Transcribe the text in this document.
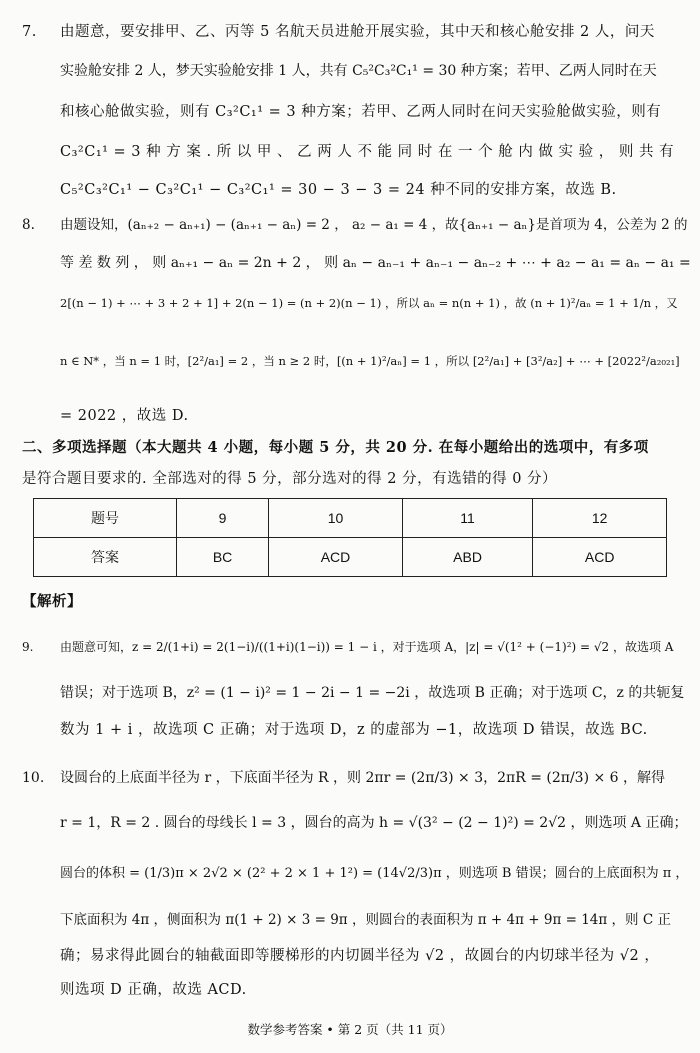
7. 由题意，要安排甲、乙、丙等 5 名航天员进舱开展实验，其中天和核心舱安排 2 人，问天
实验舱安排 2 人，梦天实验舱安排 1 人，共有 C₅²C₃²C₁¹ = 30 种方案；若甲、乙两人同时在天
和核心舱做实验，则有 C₃²C₁¹ = 3 种方案；若甲、乙两人同时在问天实验舱做实验，则有
C₃²C₁¹ = 3 种 方 案 . 所 以 甲 、 乙 两 人 不 能 同 时 在 一 个 舱 内 做 实 验 ， 则 共 有
C₅²C₃²C₁¹ − C₃²C₁¹ − C₃²C₁¹ = 30 − 3 − 3 = 24 种不同的安排方案，故选 B.
8. 由题设知，(aₙ₊₂ − aₙ₊₁) − (aₙ₊₁ − aₙ) = 2 ， a₂ − a₁ = 4 ，故{aₙ₊₁ − aₙ}是首项为 4，公差为 2 的
等 差 数 列 ， 则 aₙ₊₁ − aₙ = 2n + 2 ， 则 aₙ − aₙ₋₁ + aₙ₋₁ − aₙ₋₂ + ⋯ + a₂ − a₁ = aₙ − a₁ =
2[(n − 1) + ⋯ + 3 + 2 + 1] + 2(n − 1) = (n + 2)(n − 1) ，所以 aₙ = n(n + 1) ，故 (n + 1)²/aₙ = 1 + 1/n ，又
n ∈ N* ，当 n = 1 时，[2²/a₁] = 2 ，当 n ≥ 2 时，[(n + 1)²/aₙ] = 1 ，所以 [2²/a₁] + [3²/a₂] + ⋯ + [2022²/a₂₀₂₁]
= 2022 ，故选 D.
二、多项选择题（本大题共 4 小题，每小题 5 分，共 20 分. 在每小题给出的选项中，有多项
是符合题目要求的. 全部选对的得 5 分，部分选对的得 2 分，有选错的得 0 分）
题号	9	10	11	12
答案	BC	ACD	ABD	ACD
【解析】
9. 由题意可知，z = 2/(1+i) = 2(1−i)/((1+i)(1−i)) = 1 − i ，对于选项 A，|z| = √(1² + (−1)²) = √2 ，故选项 A
错误；对于选项 B，z² = (1 − i)² = 1 − 2i − 1 = −2i ，故选项 B 正确；对于选项 C，z 的共轭复
数为 1 + i ，故选项 C 正确；对于选项 D，z 的虚部为 −1，故选项 D 错误，故选 BC.
10. 设圆台的上底面半径为 r ，下底面半径为 R ，则 2πr = (2π/3) × 3，2πR = (2π/3) × 6 ，解得
r = 1，R = 2 . 圆台的母线长 l = 3 ，圆台的高为 h = √(3² − (2 − 1)²) = 2√2 ，则选项 A 正确；
圆台的体积 = (1/3)π × 2√2 × (2² + 2 × 1 + 1²) = (14√2/3)π ，则选项 B 错误；圆台的上底面积为 π ，
下底面积为 4π ，侧面积为 π(1 + 2) × 3 = 9π ，则圆台的表面积为 π + 4π + 9π = 14π ，则 C 正
确；易求得此圆台的轴截面即等腰梯形的内切圆半径为 √2 ，故圆台的内切球半径为 √2 ，
则选项 D 正确，故选 ACD.
数学参考答案 • 第 2 页（共 11 页）
